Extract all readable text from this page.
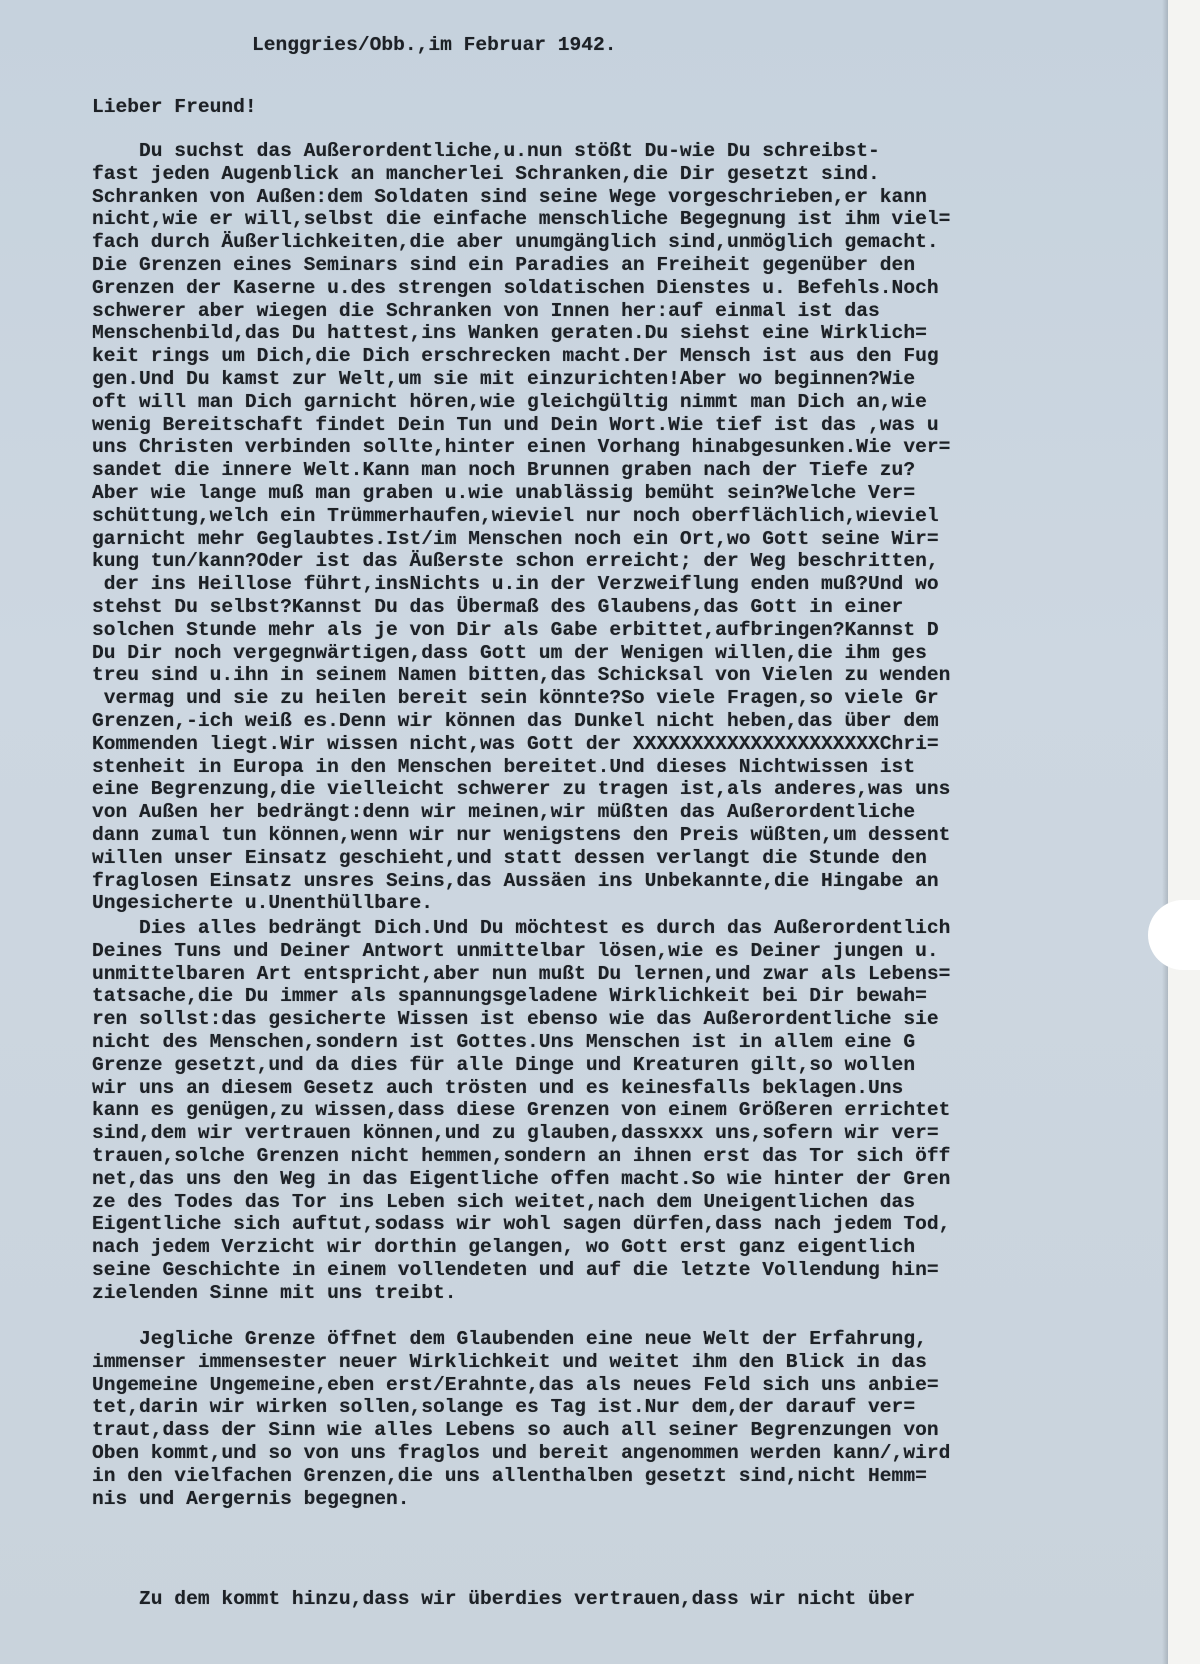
Du suchst das Außerordentliche,u.nun stößt Du-wie Du schreibst-
fast jeden Augenblick an mancherlei Schranken,die Dir gesetzt sind.
Schranken von Außen:dem Soldaten sind seine Wege vorgeschrieben,er kann
nicht,wie er will,selbst die einfache menschliche Begegnung ist ihm viel=
fach durch Äußerlichkeiten,die aber unumgänglich sind,unmöglich gemacht.
Die Grenzen eines Seminars sind ein Paradies an Freiheit gegenüber den
Grenzen der Kaserne u.des strengen soldatischen Dienstes u. Befehls.Noch
schwerer aber wiegen die Schranken von Innen her:auf einmal ist das
Menschenbild,das Du hattest,ins Wanken geraten.Du siehst eine Wirklich=
keit rings um Dich,die Dich erschrecken macht.Der Mensch ist aus den Fug
gen.Und Du kamst zur Welt,um sie mit einzurichten!Aber wo beginnen?Wie
oft will man Dich garnicht hören,wie gleichgültig nimmt man Dich an,wie
wenig Bereitschaft findet Dein Tun und Dein Wort.Wie tief ist das ,was u
uns Christen verbinden sollte,hinter einen Vorhang hinabgesunken.Wie ver=
sandet die innere Welt.Kann man noch Brunnen graben nach der Tiefe zu?
Aber wie lange muß man graben u.wie unablässig bemüht sein?Welche Ver=
schüttung,welch ein Trümmerhaufen,wieviel nur noch oberflächlich,wieviel
garnicht mehr Geglaubtes.Ist/im Menschen noch ein Ort,wo Gott seine Wir=
kung tun/kann?Oder ist das Äußerste schon erreicht; der Weg beschritten,
der ins Heillose führt,insNichts u.in der Verzweiflung enden muß?Und wo
stehst Du selbst?Kannst Du das Übermaß des Glaubens,das Gott in einer
solchen Stunde mehr als je von Dir als Gabe erbittet,aufbringen?Kannst D
Du Dir noch vergegnwärtigen,dass Gott um der Wenigen willen,die ihm ges
treu sind u.ihn in seinem Namen bitten,das Schicksal von Vielen zu wenden
vermag und sie zu heilen bereit sein könnte?So viele Fragen,so viele Gr
Grenzen,-ich weiß es.Denn wir können das Dunkel nicht heben,das über dem
Kommenden liegt.Wir wissen nicht,was Gott der XXXXXXXXXXXXXXXXXXXXXChri=
stenheit in Europa in den Menschen bereitet.Und dieses Nichtwissen ist
eine Begrenzung,die vielleicht schwerer zu tragen ist,als anderes,was uns
von Außen her bedrängt:denn wir meinen,wir müßten das Außerordentliche
dann zumal tun können,wenn wir nur wenigstens den Preis wüßten,um dessent
willen unser Einsatz geschieht,und statt dessen verlangt die Stunde den
fraglosen Einsatz unsres Seins,das Aussäen ins Unbekannte,die Hingabe an
Ungesicherte u.Unenthüllbare.
Dies alles bedrängt Dich.Und Du möchtest es durch das Außerordentlich
Deines Tuns und Deiner Antwort unmittelbar lösen,wie es Deiner jungen u.
unmittelbaren Art entspricht,aber nun mußt Du lernen,und zwar als Lebens=
tatsache,die Du immer als spannungsgeladene Wirklichkeit bei Dir bewah=
ren sollst:das gesicherte Wissen ist ebenso wie das Außerordentliche sie
nicht des Menschen,sondern ist Gottes.Uns Menschen ist in allem eine G
Grenze gesetzt,und da dies für alle Dinge und Kreaturen gilt,so wollen
wir uns an diesem Gesetz auch trösten und es keinesfalls beklagen.Uns
kann es genügen,zu wissen,dass diese Grenzen von einem Größeren errichtet
sind,dem wir vertrauen können,und zu glauben,dassxxx uns,sofern wir ver=
trauen,solche Grenzen nicht hemmen,sondern an ihnen erst das Tor sich öff
net,das uns den Weg in das Eigentliche offen macht.So wie hinter der Gren
ze des Todes das Tor ins Leben sich weitet,nach dem Uneigentlichen das
Eigentliche sich auftut,sodass wir wohl sagen dürfen,dass nach jedem Tod,
nach jedem Verzicht wir dorthin gelangen, wo Gott erst ganz eigentlich
seine Geschichte in einem vollendeten und auf die letzte Vollendung hin=
zielenden Sinne mit uns treibt.
Jegliche Grenze öffnet dem Glaubenden eine neue Welt der Erfahrung,
immenser immensester neuer Wirklichkeit und weitet ihm den Blick in das
Ungemeine Ungemeine,eben erst/Erahnte,das als neues Feld sich uns anbie=
tet,darin wir wirken sollen,solange es Tag ist.Nur dem,der darauf ver=
traut,dass der Sinn wie alles Lebens so auch all seiner Begrenzungen von
Oben kommt,und so von uns fraglos und bereit angenommen werden kann/,wird
in den vielfachen Grenzen,die uns allenthalben gesetzt sind,nicht Hemm=
nis und Aergernis begegnen.
Zu dem kommt hinzu,dass wir überdies vertrauen,dass wir nicht über
Lenggries/Obb.,im Februar 1942.
Lieber Freund!
